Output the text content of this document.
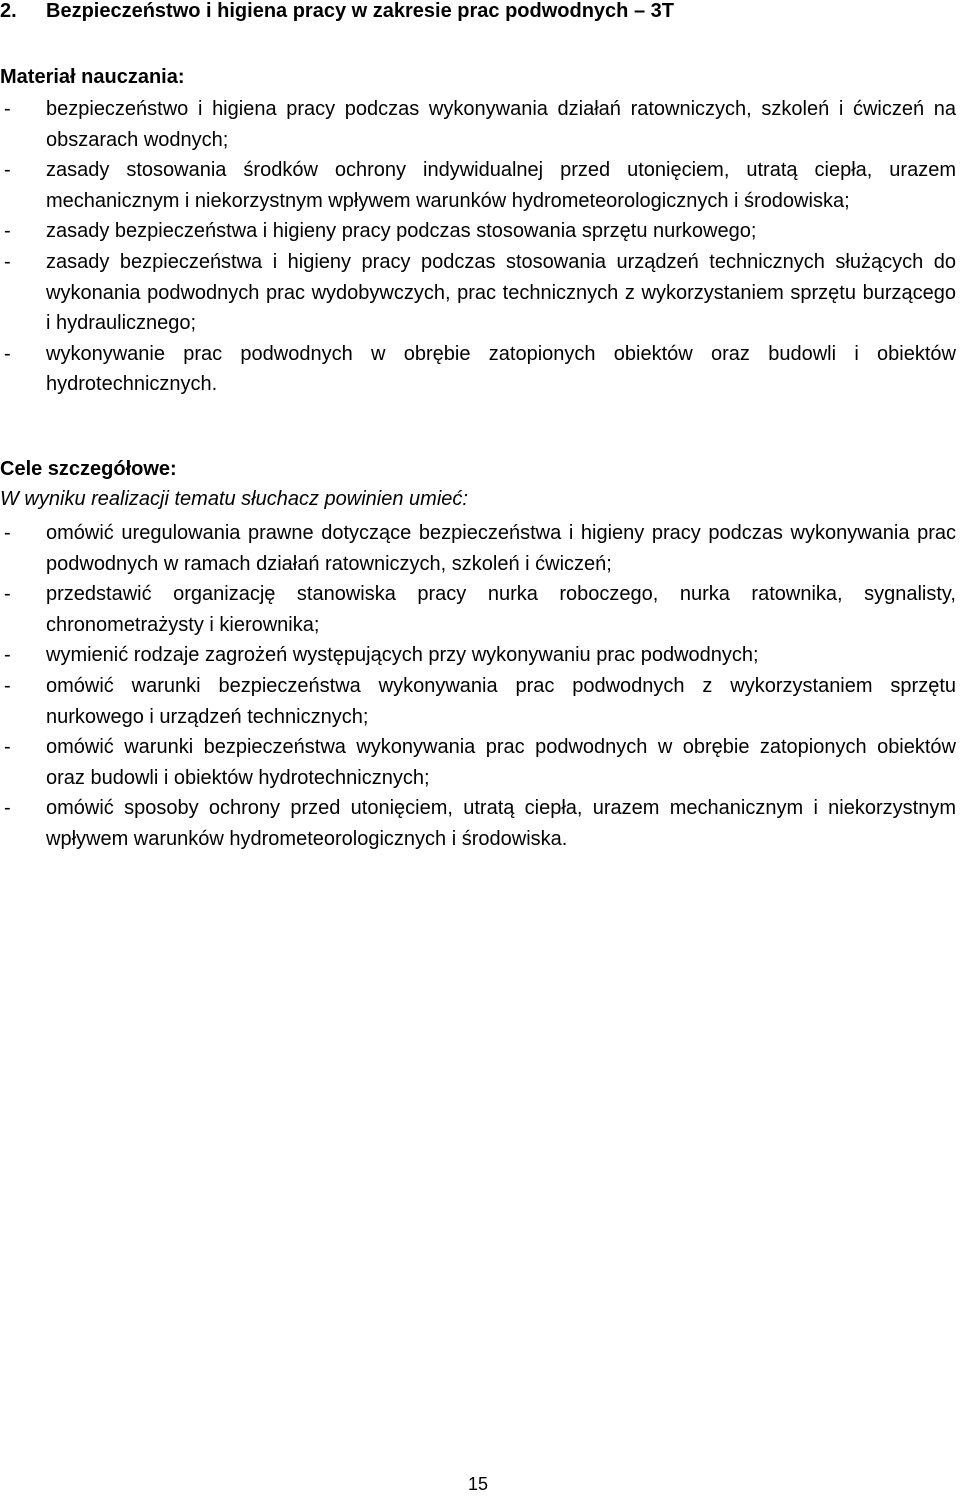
2. Bezpieczeństwo i higiena pracy w zakresie prac podwodnych – 3T
Materiał nauczania:
- bezpieczeństwo i higiena pracy podczas wykonywania działań ratowniczych, szkoleń i ćwiczeń na obszarach wodnych;
- zasady stosowania środków ochrony indywidualnej przed utonięciem, utratą ciepła, urazem mechanicznym i niekorzystnym wpływem warunków hydrometeorologicznych i środowiska;
- zasady bezpieczeństwa i higieny pracy podczas stosowania sprzętu nurkowego;
- zasady bezpieczeństwa i higieny pracy podczas stosowania urządzeń technicznych służących do wykonania podwodnych prac wydobywczych, prac technicznych z wykorzystaniem sprzętu burzącego i hydraulicznego;
- wykonywanie prac podwodnych w obrębie zatopionych obiektów oraz budowli i obiektów hydrotechnicznych.
Cele szczegółowe:
W wyniku realizacji tematu słuchacz powinien umieć:
- omówić uregulowania prawne dotyczące bezpieczeństwa i higieny pracy podczas wykonywania prac podwodnych w ramach działań ratowniczych, szkoleń i ćwiczeń;
- przedstawić organizację stanowiska pracy nurka roboczego, nurka ratownika, sygnalisty, chronometrażysty i kierownika;
- wymienić rodzaje zagrożeń występujących przy wykonywaniu prac podwodnych;
- omówić warunki bezpieczeństwa wykonywania prac podwodnych z wykorzystaniem sprzętu nurkowego i urządzeń technicznych;
- omówić warunki bezpieczeństwa wykonywania prac podwodnych w obrębie zatopionych obiektów oraz budowli i obiektów hydrotechnicznych;
- omówić sposoby ochrony przed utonięciem, utratą ciepła, urazem mechanicznym i niekorzystnym wpływem warunków hydrometeorologicznych i środowiska.
15
